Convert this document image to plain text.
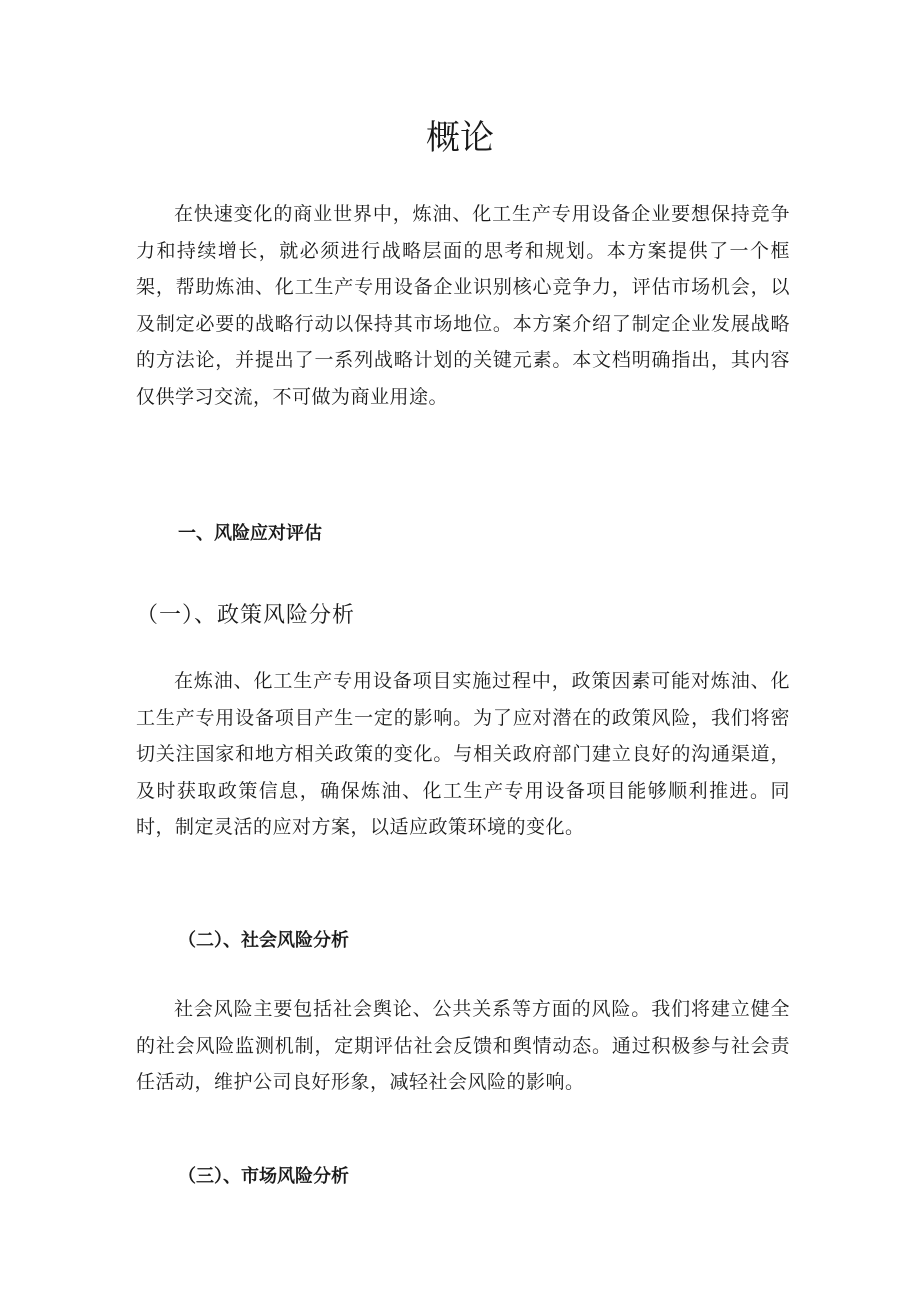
概论

在快速变化的商业世界中，炼油、化工生产专用设备企业要想保持竞争力和持续增长，就必须进行战略层面的思考和规划。本方案提供了一个框架，帮助炼油、化工生产专用设备企业识别核心竞争力，评估市场机会，以及制定必要的战略行动以保持其市场地位。本方案介绍了制定企业发展战略的方法论，并提出了一系列战略计划的关键元素。本文档明确指出，其内容仅供学习交流，不可做为商业用途。

一、风险应对评估
（一）、政策风险分析

在炼油、化工生产专用设备项目实施过程中，政策因素可能对炼油、化工生产专用设备项目产生一定的影响。为了应对潜在的政策风险，我们将密切关注国家和地方相关政策的变化。与相关政府部门建立良好的沟通渠道，及时获取政策信息，确保炼油、化工生产专用设备项目能够顺利推进。同时，制定灵活的应对方案，以适应政策环境的变化。

（二）、社会风险分析

社会风险主要包括社会舆论、公共关系等方面的风险。我们将建立健全的社会风险监测机制，定期评估社会反馈和舆情动态。通过积极参与社会责任活动，维护公司良好形象，减轻社会风险的影响。

（三）、市场风险分析
